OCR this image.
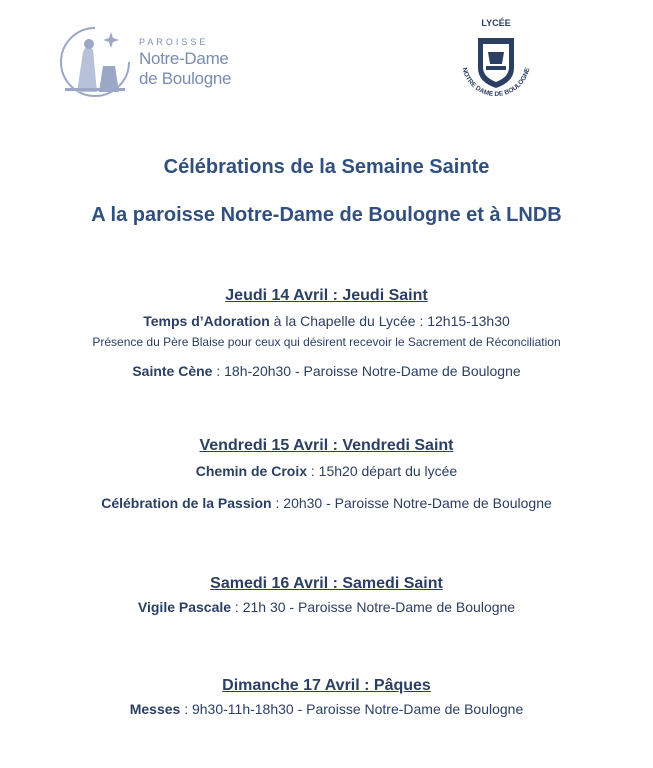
PAROISSE
Notre-Dame
de Boulogne
LYCÉE
NOTRE DAME DE BOULOGNE
Célébrations de la Semaine Sainte
A la paroisse Notre-Dame de Boulogne et à LNDB
Jeudi 14 Avril : Jeudi Saint
Temps d’Adoration à la Chapelle du Lycée : 12h15-13h30
Présence du Père Blaise pour ceux qui désirent recevoir le Sacrement de Réconciliation
Sainte Cène : 18h-20h30 - Paroisse Notre-Dame de Boulogne
Vendredi 15 Avril : Vendredi Saint
Chemin de Croix : 15h20 départ du lycée
Célébration de la Passion : 20h30 - Paroisse Notre-Dame de Boulogne
Samedi 16 Avril : Samedi Saint
Vigile Pascale : 21h 30 - Paroisse Notre-Dame de Boulogne
Dimanche 17 Avril : Pâques
Messes : 9h30-11h-18h30 - Paroisse Notre-Dame de Boulogne
